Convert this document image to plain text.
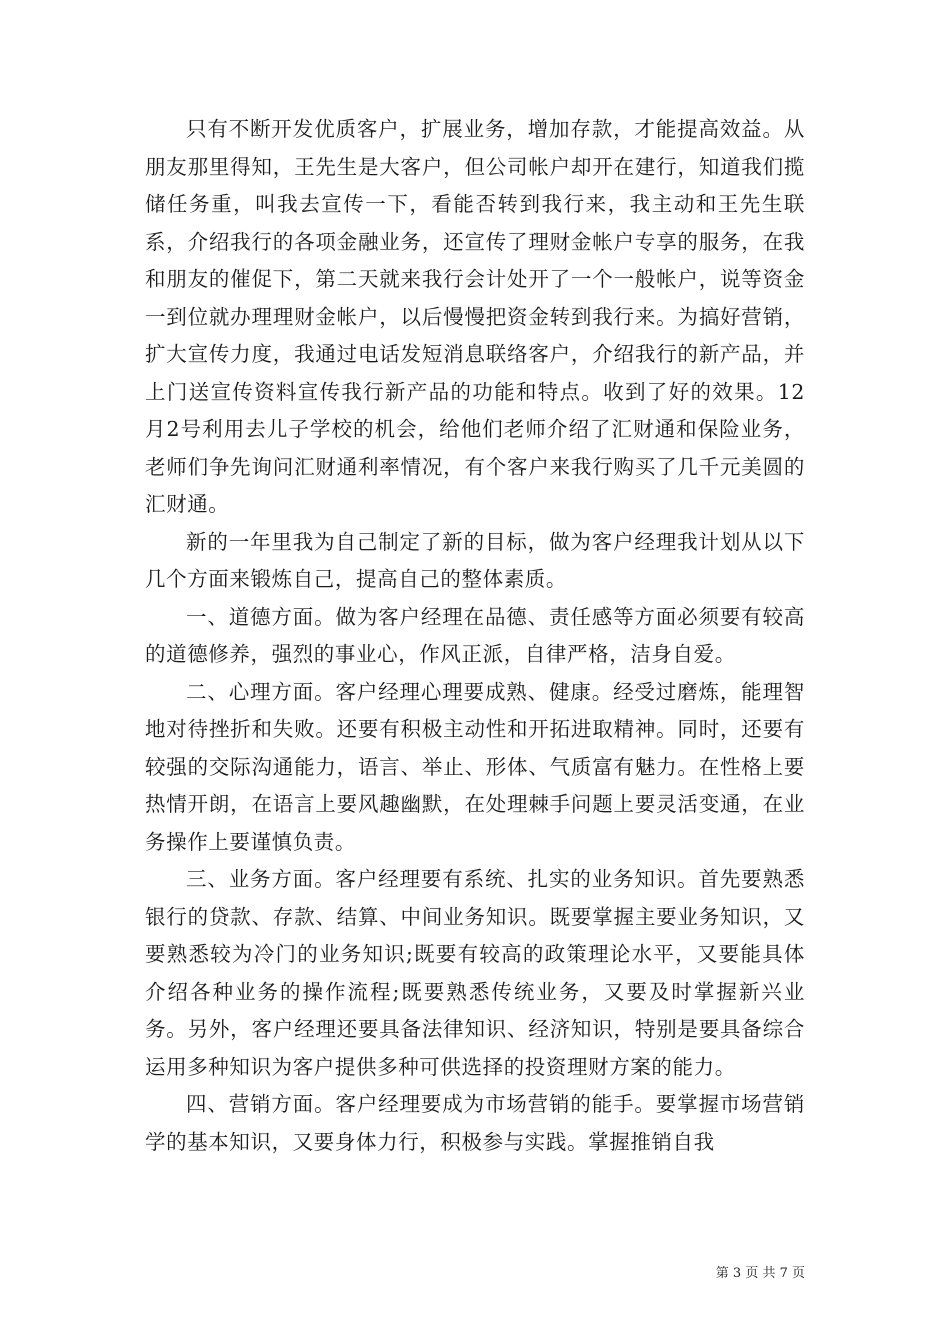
只有不断开发优质客户，扩展业务，增加存款，才能提高效益。从朋友那里得知，王先生是大客户，但公司帐户却开在建行，知道我们揽储任务重，叫我去宣传一下，看能否转到我行来，我主动和王先生联系，介绍我行的各项金融业务，还宣传了理财金帐户专享的服务，在我和朋友的催促下，第二天就来我行会计处开了一个一般帐户，说等资金一到位就办理理财金帐户，以后慢慢把资金转到我行来。为搞好营销，扩大宣传力度，我通过电话发短消息联络客户，介绍我行的新产品，并上门送宣传资料宣传我行新产品的功能和特点。收到了好的效果。12月2号利用去儿子学校的机会，给他们老师介绍了汇财通和保险业务，老师们争先询问汇财通利率情况，有个客户来我行购买了几千元美圆的汇财通。

新的一年里我为自己制定了新的目标，做为客户经理我计划从以下几个方面来锻炼自己，提高自己的整体素质。

一、道德方面。做为客户经理在品德、责任感等方面必须要有较高的道德修养，强烈的事业心，作风正派，自律严格，洁身自爱。

二、心理方面。客户经理心理要成熟、健康。经受过磨炼，能理智地对待挫折和失败。还要有积极主动性和开拓进取精神。同时，还要有较强的交际沟通能力，语言、举止、形体、气质富有魅力。在性格上要热情开朗，在语言上要风趣幽默，在处理棘手问题上要灵活变通，在业务操作上要谨慎负责。

三、业务方面。客户经理要有系统、扎实的业务知识。首先要熟悉银行的贷款、存款、结算、中间业务知识。既要掌握主要业务知识，又要熟悉较为冷门的业务知识;既要有较高的政策理论水平，又要能具体介绍各种业务的操作流程;既要熟悉传统业务，又要及时掌握新兴业务。另外，客户经理还要具备法律知识、经济知识，特别是要具备综合运用多种知识为客户提供多种可供选择的投资理财方案的能力。

四、营销方面。客户经理要成为市场营销的能手。要掌握市场营销学的基本知识，又要身体力行，积极参与实践。掌握推销自我

第 3 页 共 7 页
